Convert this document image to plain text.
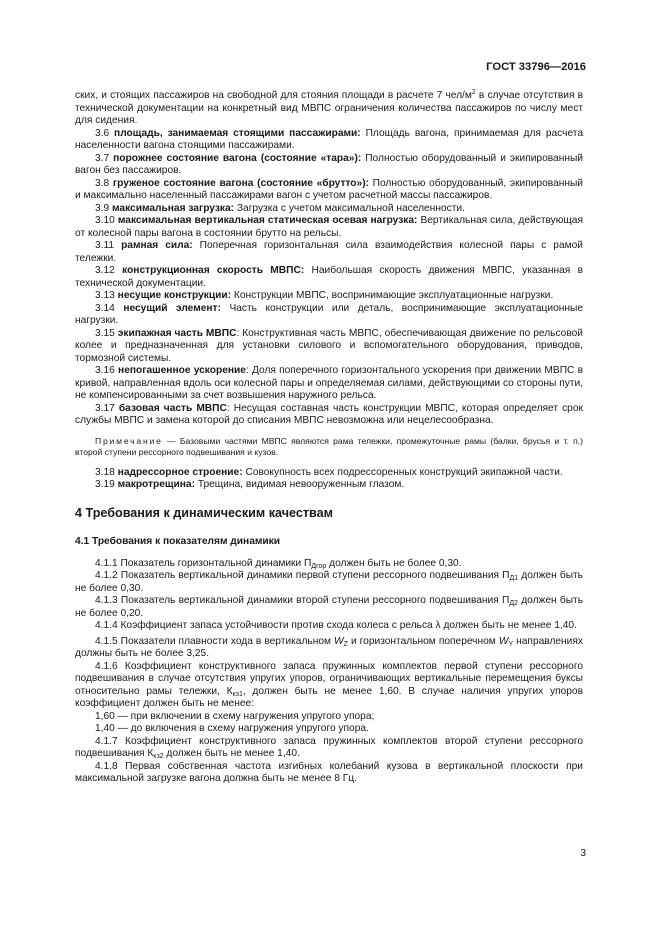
ГОСТ 33796—2016

ских, и стоящих пассажиров на свободной для стояния площади в расчете 7 чел/$м^2$ в случае отсутствия в технической документации на конкретный вид МВПС ограничения количества пассажиров по числу мест для сидения.

3.6 площадь, занимаемая стоящими пассажирами: Площадь вагона, принимаемая для расчета населенности вагона стоящими пассажирами.

3.7 порожнее состояние вагона (состояние «тара»): Полностью оборудованный и экипированный вагон без пассажиров.

3.8 груженое состояние вагона (состояние «брутто»): Полностью оборудованный, экипированный и максимально населенный пассажирами вагон с учетом расчетной массы пассажиров.

3.9 максимальная загрузка: Загрузка с учетом максимальной населенности.

3.10 максимальная вертикальная статическая осевая нагрузка: Вертикальная сила, действующая от колесной пары вагона в состоянии брутто на рельсы.

3.11 рамная сила: Поперечная горизонтальная сила взаимодействия колесной пары с рамой тележки.

3.12 конструкционная скорость МВПС: Наибольшая скорость движения МВПС, указанная в технической документации.

3.13 несущие конструкции: Конструкции МВПС, воспринимающие эксплуатационные нагрузки.

3.14 несущий элемент: Часть конструкции или деталь, воспринимающие эксплуатационные нагрузки.

3.15 экипажная часть МВПС: Конструктивная часть МВПС, обеспечивающая движение по рельсовой колее и предназначенная для установки силового и вспомогательного оборудования, приводов, тормозной системы.

3.16 непогашенное ускорение: Доля поперечного горизонтального ускорения при движении МВПС в кривой, направленная вдоль оси колесной пары и определяемая силами, действующими со стороны пути, не компенсированными за счет возвышения наружного рельса.

3.17 базовая часть МВПС: Несущая составная часть конструкции МВПС, которая определяет срок службы МВПС и замена которой до списания МВПС невозможна или нецелесообразна.

Примечание — Базовыми частями МВПС являются рама тележки, промежуточные рамы (балки, брусья и т. п.) второй ступени рессорного подвешивания и кузов.

3.18 надрессорное строение: Совокупность всех подрессоренных конструкций экипажной части.

3.19 макротрещина: Трещина, видимая невооруженным глазом.

4 Требования к динамическим качествам

4.1 Требования к показателям динамики

4.1.1 Показатель горизонтальной динамики $П_{Дгор}$ должен быть не более 0,30.

4.1.2 Показатель вертикальной динамики первой ступени рессорного подвешивания $П_{Д1}$ должен быть не более 0,30.

4.1.3 Показатель вертикальной динамики второй ступени рессорного подвешивания $П_{Д2}$ должен быть не более 0,20.

4.1.4 Коэффициент запаса устойчивости против схода колеса с рельса λ должен быть не менее 1,40.

4.1.5 Показатели плавности хода в вертикальном $W_Z$ и горизонтальном поперечном $W_Y$ направлениях должны быть не более 3,25.

4.1.6 Коэффициент конструктивного запаса пружинных комплектов первой ступени рессорного подвешивания в случае отсутствия упругих упоров, ограничивающих вертикальные перемещения буксы относительно рамы тележки, $К_{кз1}$, должен быть не менее 1,60. В случае наличия упругих упоров коэффициент должен быть не менее:

1,60 — при включении в схему нагружения упругого упора;

1,40 — до включения в схему нагружения упругого упора.

4.1.7 Коэффициент конструктивного запаса пружинных комплектов второй ступени рессорного подвешивания $К_{кз2}$ должен быть не менее 1,40.

4.1.8 Первая собственная частота изгибных колебаний кузова в вертикальной плоскости при максимальной загрузке вагона должна быть не менее 8 Гц.

3
